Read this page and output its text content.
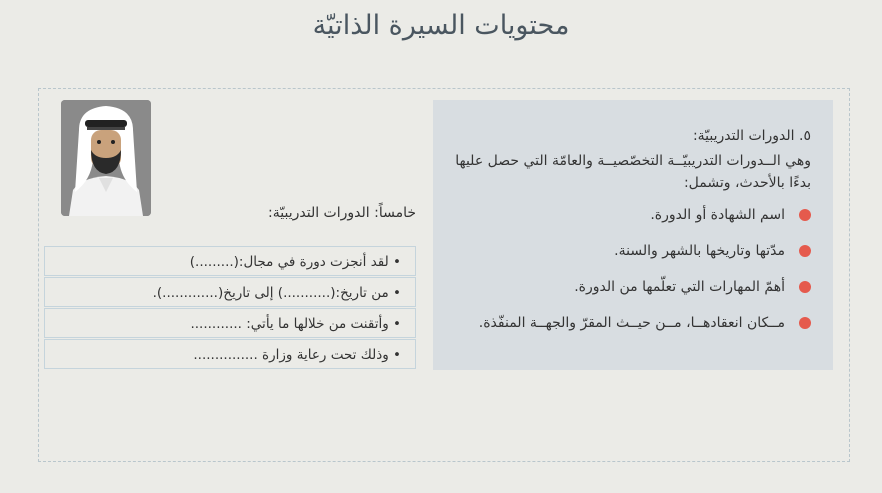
محتويات السيرة الذاتيّة
٥. الدورات التدريبيّة:
وهي الــدورات التدريبيّــة التخصّصيــة والعامّة التي حصل عليها بدءًا بالأحدث، وتشمل:
اسم الشهادة أو الدورة.
مدّتها وتاريخها بالشهر والسنة.
أهمّ المهارات التي تعلّمها من الدورة.
مــكان انعقادهــا، مــن حيــث المقرّ والجهــة المنفّذة.
خامساً: الدورات التدريبيّة:
• لقد أنجزت دورة في مجال:(.........)
• من تاريخ:(...........) إلى تاريخ(.............).
• وأتقنت من خلالها ما يأتي: ............
• وذلك تحت رعاية وزارة ...............
